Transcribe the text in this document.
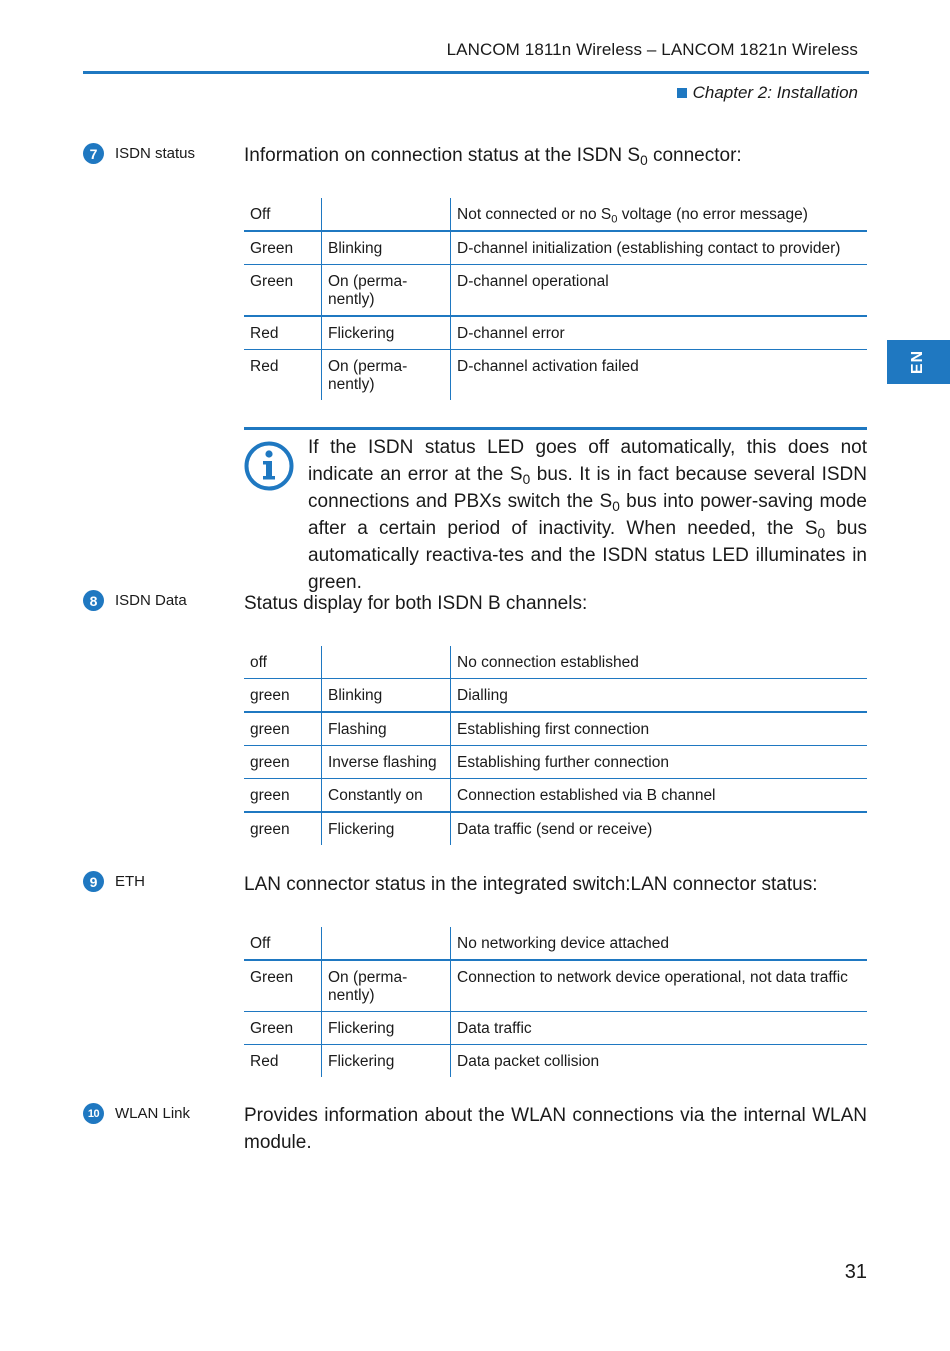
LANCOM 1811n Wireless – LANCOM 1821n Wireless
Chapter 2: Installation
EN
7	ISDN status	Information on connection status at the ISDN $S_0$ connector:
Off		Not connected or no $S_0$ voltage (no error message)
Green	Blinking	D-channel initialization (establishing contact to provider)
Green	On (perma-
nently)	D-channel operational
Red	Flickering	D-channel error
Red	On (perma-
nently)	D-channel activation failed
If the ISDN status LED goes off automatically, this does not indicate an error at the $S_0$ bus. It is in fact because several ISDN connections and PBXs switch the $S_0$ bus into power-saving mode after a certain period of inactivity. When needed, the $S_0$ bus automatically reactiva-tes and the ISDN status LED illuminates in green.
8	ISDN Data	Status display for both ISDN B channels:
off		No connection established
green	Blinking	Dialling
green	Flashing	Establishing first connection
green	Inverse flashing	Establishing further connection
green	Constantly on	Connection established via B channel
green	Flickering	Data traffic (send or receive)
9	ETH	LAN connector status in the integrated switch:LAN connector status:
Off		No networking device attached
Green	On (perma-
nently)	Connection to network device operational, not data traffic
Green	Flickering	Data traffic
Red	Flickering	Data packet collision
10	WLAN Link	Provides information about the WLAN connections via the internal WLAN module.
31
